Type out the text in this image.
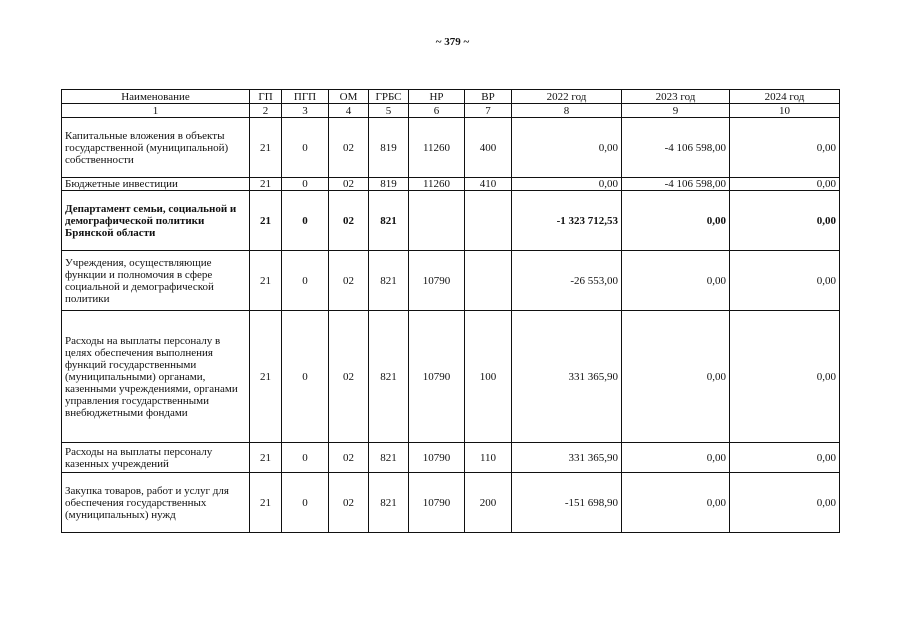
~ 379 ~
Наименование	ГП	ПГП	ОМ	ГРБС	НР	ВР	2022 год	2023 год	2024 год
1	2	3	4	5	6	7	8	9	10
Капитальные вложения в объекты государственной (муниципальной) собственности	21	0	02	819	11260	400	0,00	-4 106 598,00	0,00
Бюджетные инвестиции	21	0	02	819	11260	410	0,00	-4 106 598,00	0,00
Департамент семьи, социальной и демографической политики Брянской области	21	0	02	821			-1 323 712,53	0,00	0,00
Учреждения, осуществляющие функции и полномочия в сфере социальной и демографической политики	21	0	02	821	10790		-26 553,00	0,00	0,00
Расходы на выплаты персоналу в целях обеспечения выполнения функций государственными (муниципальными) органами, казенными учреждениями, органами управления государственными внебюджетными фондами	21	0	02	821	10790	100	331 365,90	0,00	0,00
Расходы на выплаты персоналу казенных учреждений	21	0	02	821	10790	110	331 365,90	0,00	0,00
Закупка товаров, работ и услуг для обеспечения государственных (муниципальных) нужд	21	0	02	821	10790	200	-151 698,90	0,00	0,00
